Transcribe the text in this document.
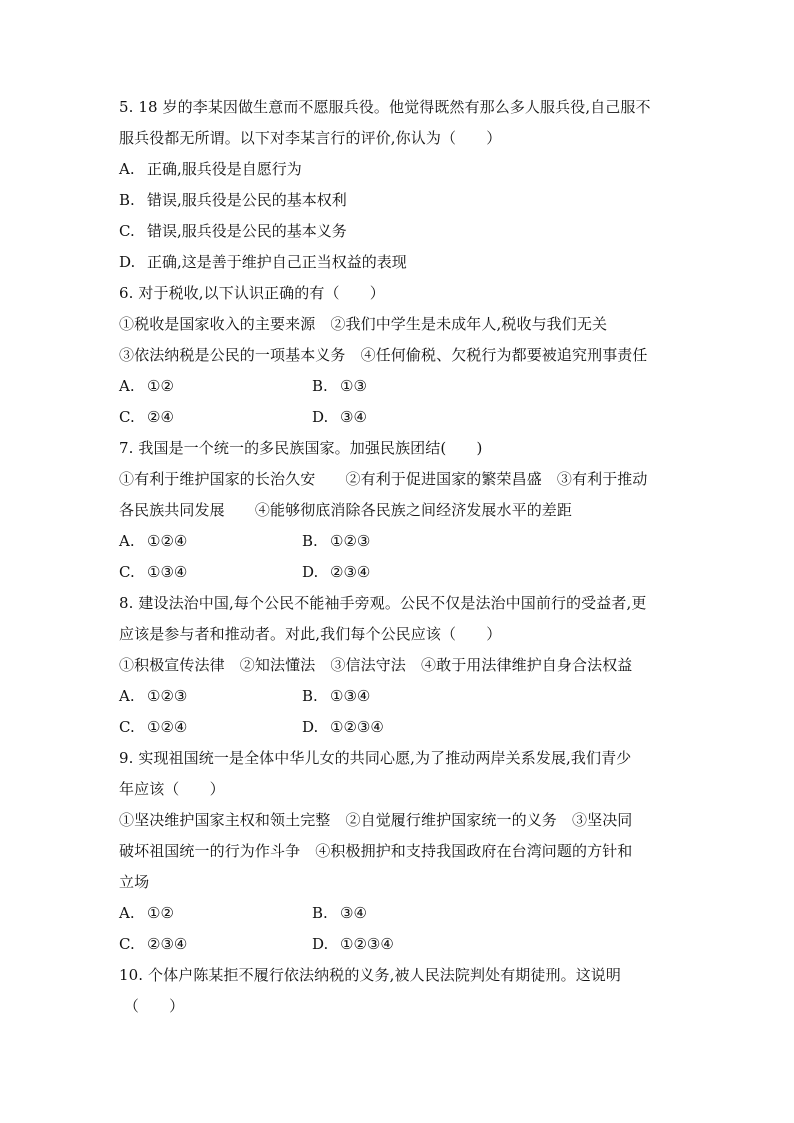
5. 18 岁的李某因做生意而不愿服兵役。他觉得既然有那么多人服兵役,自己服不

服兵役都无所谓。以下对李某言行的评价,你认为（　　）

A. 正确,服兵役是自愿行为
B. 错误,服兵役是公民的基本权利
C. 错误,服兵役是公民的基本义务
D. 正确,这是善于维护自己正当权益的表现

6. 对于税收,以下认识正确的有（　　）

①税收是国家收入的主要来源　②我们中学生是未成年人,税收与我们无关

③依法纳税是公民的一项基本义务　④任何偷税、欠税行为都要被追究刑事责任

A. ①②	B. ①③
C. ②④	D. ③④

7. 我国是一个统一的多民族国家。加强民族团结(　　)

①有利于维护国家的长治久安　　②有利于促进国家的繁荣昌盛　③有利于推动

各民族共同发展　　④能够彻底消除各民族之间经济发展水平的差距

A. ①②④	B. ①②③
C. ①③④	D. ②③④

8. 建设法治中国,每个公民不能袖手旁观。公民不仅是法治中国前行的受益者,更

应该是参与者和推动者。对此,我们每个公民应该（　　）

①积极宣传法律　②知法懂法　③信法守法　④敢于用法律维护自身合法权益

A. ①②③	B. ①③④
C. ①②④	D. ①②③④

9. 实现祖国统一是全体中华儿女的共同心愿,为了推动两岸关系发展,我们青少

年应该（　　）

①坚决维护国家主权和领土完整　②自觉履行维护国家统一的义务　③坚决同

破坏祖国统一的行为作斗争　④积极拥护和支持我国政府在台湾问题的方针和

立场

A. ①②	B. ③④
C. ②③④	D. ①②③④

10. 个体户陈某拒不履行依法纳税的义务,被人民法院判处有期徒刑。这说明

（　　）
